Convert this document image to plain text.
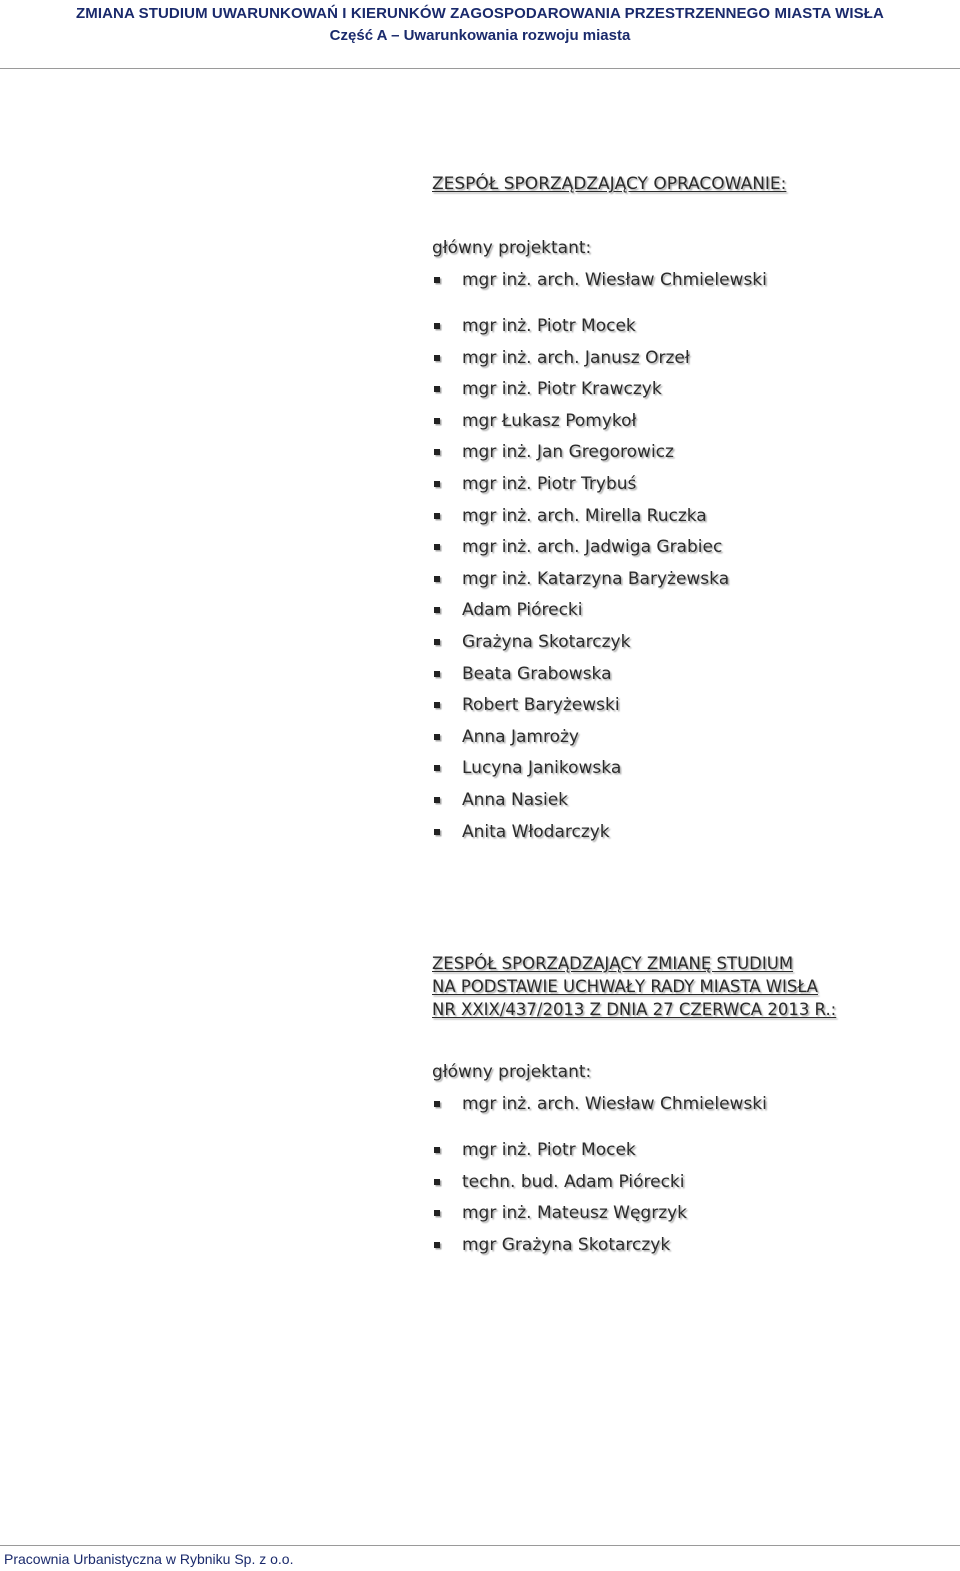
ZMIANA STUDIUM UWARUNKOWAŃ I KIERUNKÓW ZAGOSPODAROWANIA PRZESTRZENNEGO MIASTA WISŁA
Część A – Uwarunkowania rozwoju miasta
ZESPÓŁ SPORZĄDZAJĄCY OPRACOWANIE:
główny projektant:
mgr inż. arch. Wiesław Chmielewski
mgr inż. Piotr Mocek
mgr inż. arch. Janusz Orzeł
mgr inż. Piotr Krawczyk
mgr Łukasz Pomykoł
mgr inż. Jan Gregorowicz
mgr inż. Piotr Trybuś
mgr inż. arch. Mirella Ruczka
mgr inż. arch. Jadwiga Grabiec
mgr inż. Katarzyna Baryżewska
Adam Piórecki
Grażyna Skotarczyk
Beata Grabowska
Robert Baryżewski
Anna Jamroży
Lucyna Janikowska
Anna Nasiek
Anita Włodarczyk
ZESPÓŁ SPORZĄDZAJĄCY ZMIANĘ STUDIUM
NA PODSTAWIE UCHWAŁY RADY MIASTA WISŁA
NR XXIX/437/2013 Z DNIA 27 CZERWCA 2013 R.:
główny projektant:
mgr inż. arch. Wiesław Chmielewski
mgr inż. Piotr Mocek
techn. bud. Adam Piórecki
mgr inż. Mateusz Węgrzyk
mgr Grażyna Skotarczyk
Pracownia Urbanistyczna w Rybniku Sp. z o.o.
